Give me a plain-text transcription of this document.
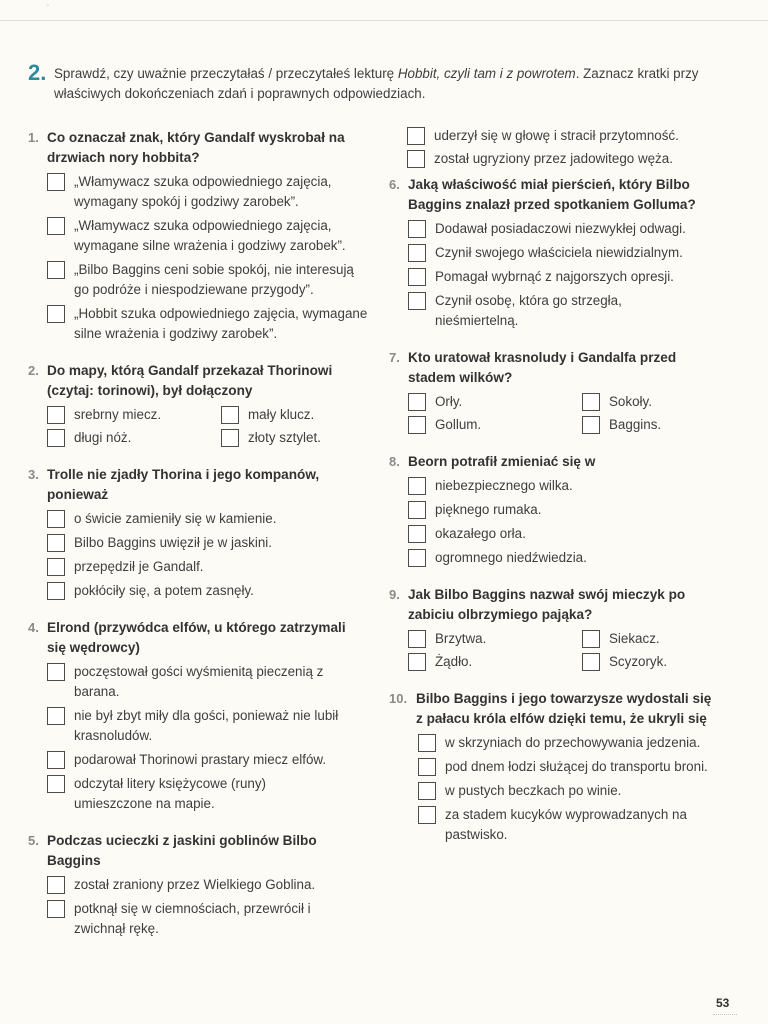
◦
2. Sprawdź, czy uważnie przeczytałaś / przeczytałeś lekturę Hobbit, czyli tam i z powrotem. Zaznacz kratki przy właściwych dokończeniach zdań i poprawnych odpowiedziach.
1. Co oznaczał znak, który Gandalf wyskrobał na drzwiach nory hobbita?
„Włamywacz szuka odpowiedniego zajęcia, wymagany spokój i godziwy zarobek”.
„Włamywacz szuka odpowiedniego zajęcia, wymagane silne wrażenia i godziwy zarobek”.
„Bilbo Baggins ceni sobie spokój, nie interesują go podróże i niespodziewane przygody”.
„Hobbit szuka odpowiedniego zajęcia, wymagane silne wrażenia i godziwy zarobek”.
2. Do mapy, którą Gandalf przekazał Thorinowi (czytaj: torinowi), był dołączony
srebrny miecz.	mały klucz.
długi nóż.	złoty sztylet.
3. Trolle nie zjadły Thorina i jego kompanów, ponieważ
o świcie zamieniły się w kamienie.
Bilbo Baggins uwięził je w jaskini.
przepędził je Gandalf.
pokłóciły się, a potem zasnęły.
4. Elrond (przywódca elfów, u którego zatrzymali się wędrowcy)
poczęstował gości wyśmienitą pieczenią z barana.
nie był zbyt miły dla gości, ponieważ nie lubił krasnoludów.
podarował Thorinowi prastary miecz elfów.
odczytał litery księżycowe (runy) umieszczone na mapie.
5. Podczas ucieczki z jaskini goblinów Bilbo Baggins
został zraniony przez Wielkiego Goblina.
potknął się w ciemnościach, przewrócił i zwichnął rękę.
uderzył się w głowę i stracił przytomność.
został ugryziony przez jadowitego węża.
6. Jaką właściwość miał pierścień, który Bilbo Baggins znalazł przed spotkaniem Golluma?
Dodawał posiadaczowi niezwykłej odwagi.
Czynił swojego właściciela niewidzialnym.
Pomagał wybrnąć z najgorszych opresji.
Czynił osobę, która go strzegła, nieśmiertelną.
7. Kto uratował krasnoludy i Gandalfa przed stadem wilków?
Orły.	Sokoły.
Gollum.	Baggins.
8. Beorn potrafił zmieniać się w
niebezpiecznego wilka.
pięknego rumaka.
okazałego orła.
ogromnego niedźwiedzia.
9. Jak Bilbo Baggins nazwał swój mieczyk po zabiciu olbrzymiego pająka?
Brzytwa.	Siekacz.
Żądło.	Scyzoryk.
10. Bilbo Baggins i jego towarzysze wydostali się z pałacu króla elfów dzięki temu, że ukryli się
w skrzyniach do przechowywania jedzenia.
pod dnem łodzi służącej do transportu broni.
w pustych beczkach po winie.
za stadem kucyków wyprowadzanych na pastwisko.
53
